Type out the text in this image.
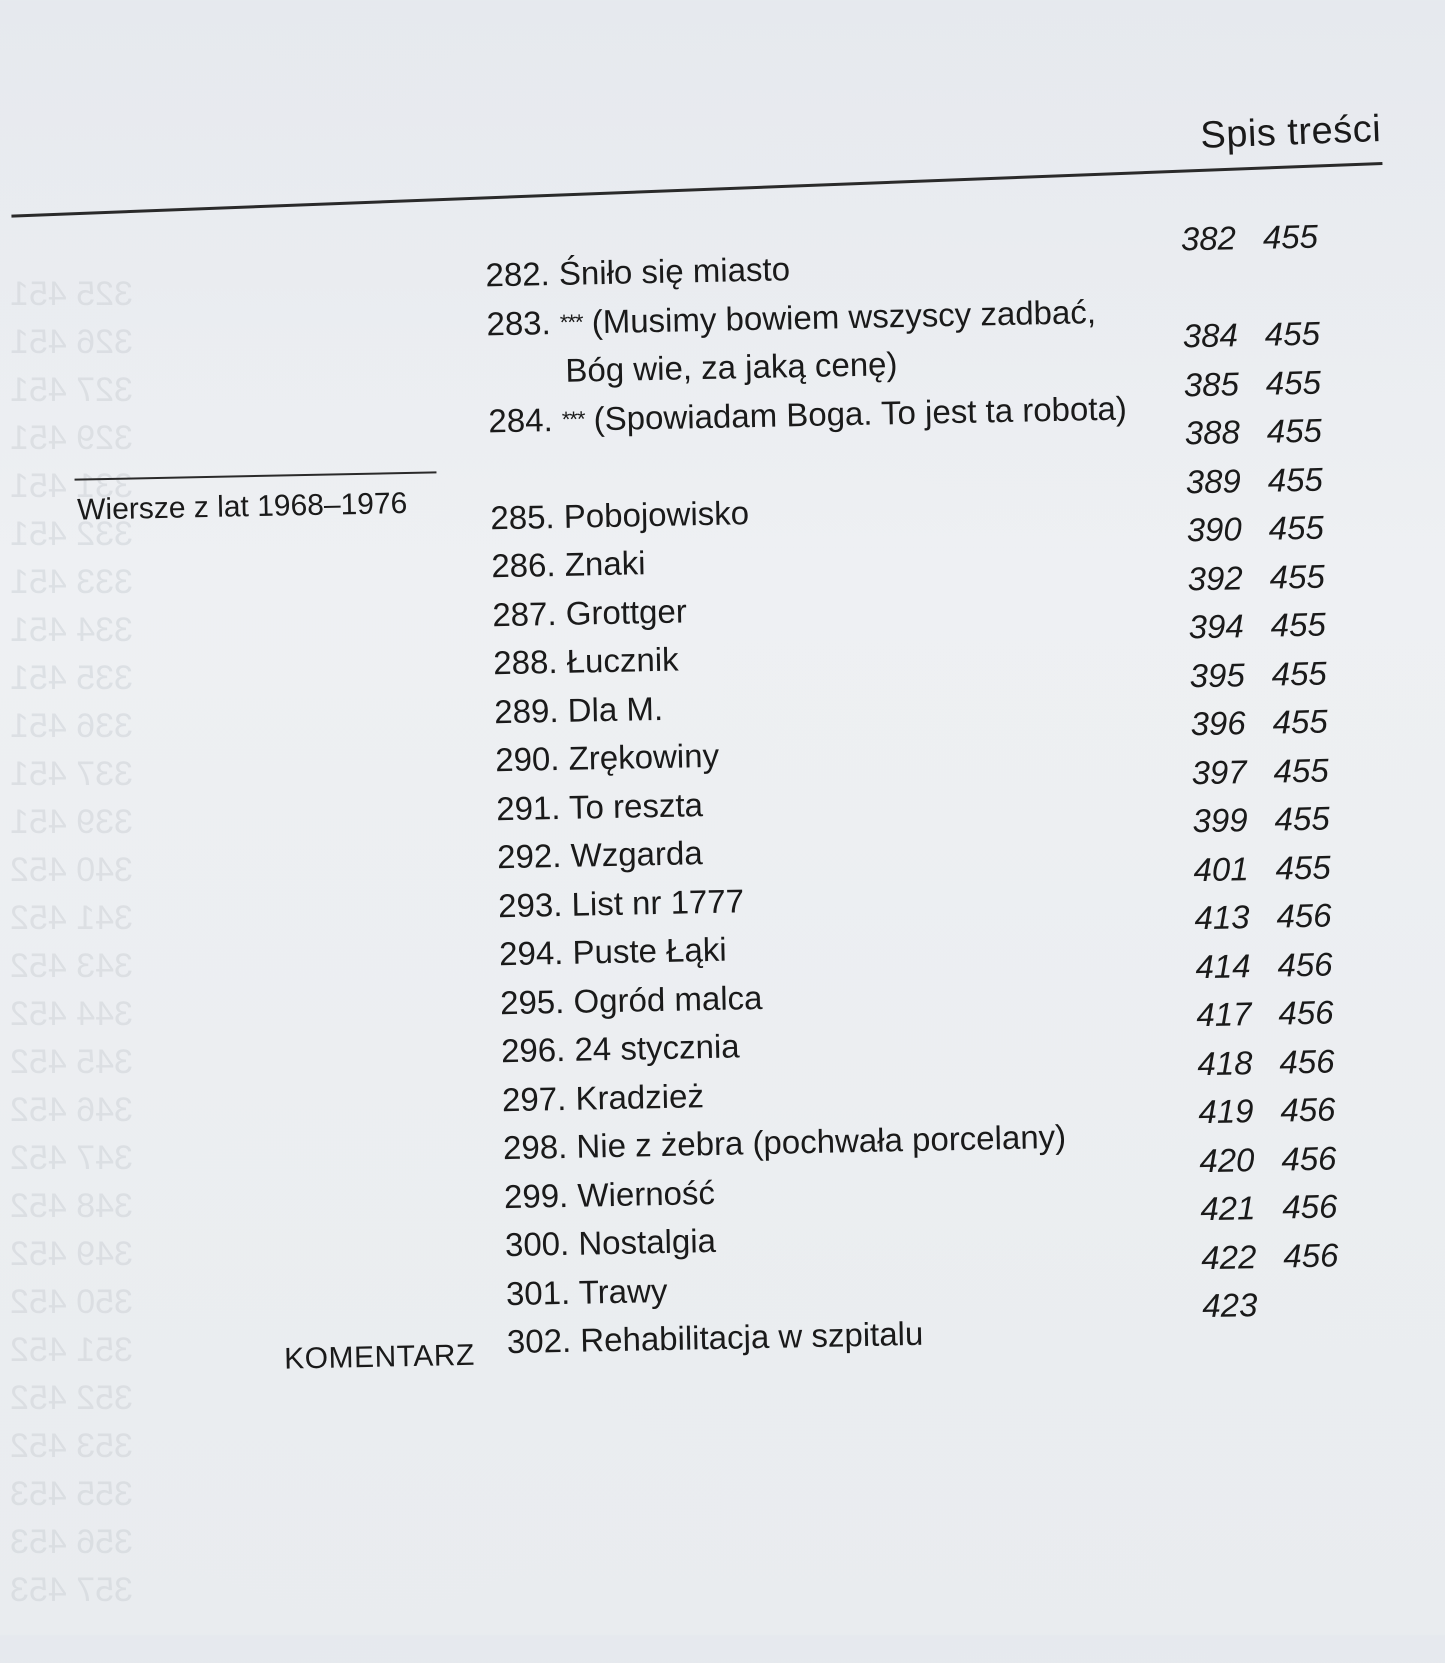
325 451
326 451
327 451
329 451
331 451
332 451
333 451
334 451
335 451
336 451
337 451
339 451
340 452
341 452
343 452
344 452
345 452
346 452
347 452
348 452
349 452
350 452
351 452
352 452
353 452
355 453
356 453
357 453
Spis treści
Wiersze z lat 1968–1976
KOMENTARZ
282. Śniło się miasto
382 455
283. *** (Musimy bowiem wszyscy zadbać,
Bóg wie, za jaką cenę)
384 455
284. *** (Spowiadam Boga. To jest ta robota)
385 455
388 455
285. Pobojowisko
389 455
286. Znaki
390 455
287. Grottger
392 455
288. Łucznik
394 455
289. Dla M.
395 455
290. Zrękowiny
396 455
291. To reszta
397 455
292. Wzgarda
399 455
293. List nr 1777
401 455
294. Puste Łąki
413 456
295. Ogród malca
414 456
296. 24 stycznia
417 456
297. Kradzież
418 456
298. Nie z żebra (pochwała porcelany)
419 456
299. Wierność
420 456
300. Nostalgia
421 456
301. Trawy
422 456
302. Rehabilitacja w szpitalu
423
